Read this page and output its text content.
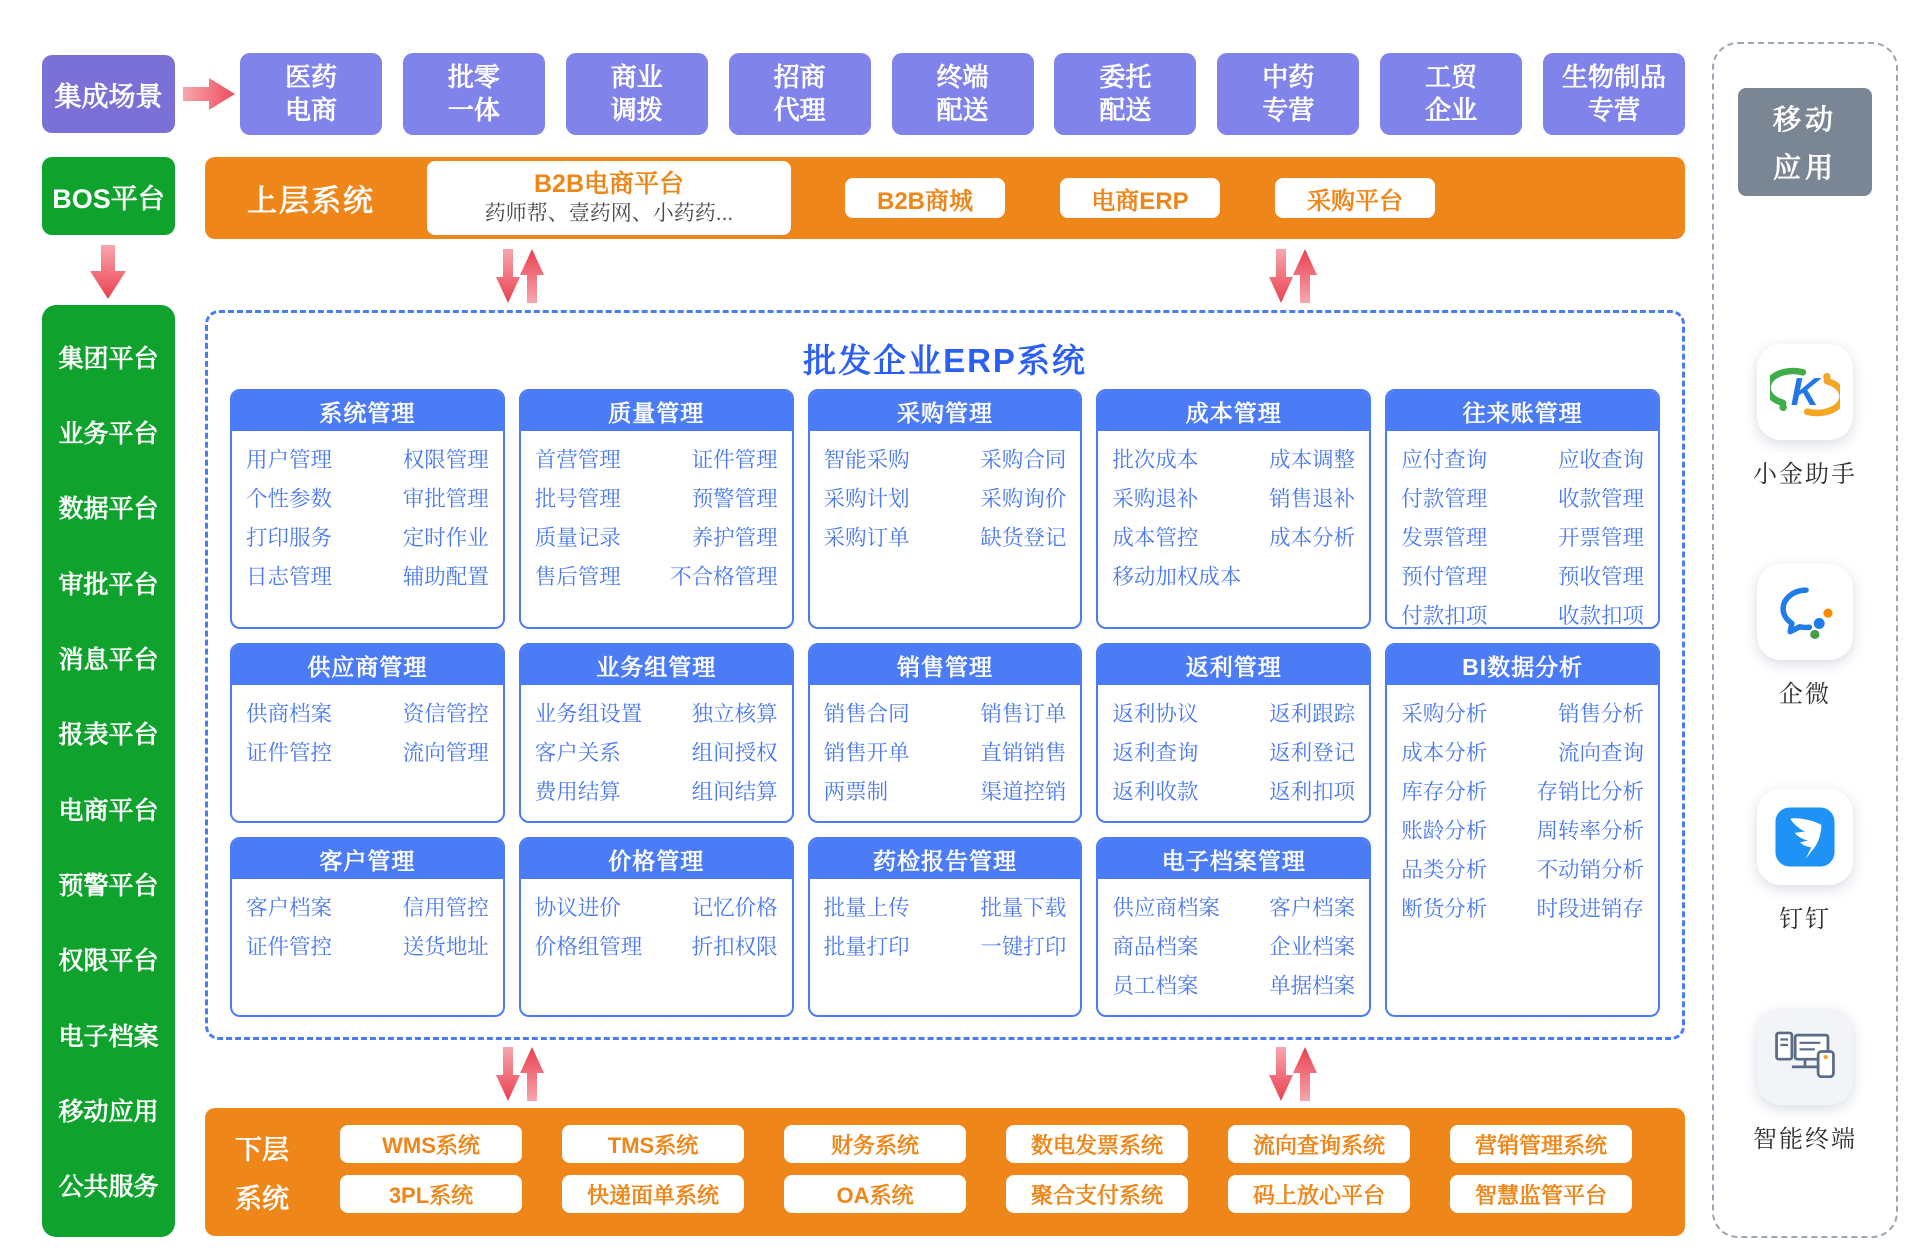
集成场景
医药
电商
批零
一体
商业
调拨
招商
代理
终端
配送
委托
配送
中药
专营
工贸
企业
生物制品
专营
上层系统
B2B电商平台
药师帮、壹药网、小药药...	B2B商城	电商ERP	采购平台
BOS平台
集团平台
业务平台
数据平台
审批平台
消息平台
报表平台
电商平台
预警平台
权限平台
电子档案
移动应用
公共服务
批发企业ERP系统
系统管理
用户管理	权限管理
个性参数	审批管理
打印服务	定时作业
日志管理	辅助配置
质量管理
首营管理	证件管理
批号管理	预警管理
质量记录	养护管理
售后管理	不合格管理
采购管理
智能采购	采购合同
采购计划	采购询价
采购订单	缺货登记
成本管理
批次成本	成本调整
采购退补	销售退补
成本管控	成本分析
移动加权成本
往来账管理
应付查询	应收查询
付款管理	收款管理
发票管理	开票管理
预付管理	预收管理
付款扣项	收款扣项
供应商管理
供商档案	资信管控
证件管控	流向管理
业务组管理
业务组设置	独立核算
客户关系	组间授权
费用结算	组间结算
销售管理
销售合同	销售订单
销售开单	直销销售
两票制	渠道控销
返利管理
返利协议	返利跟踪
返利查询	返利登记
返利收款	返利扣项
BI数据分析
采购分析	销售分析
成本分析	流向查询
库存分析	存销比分析
账龄分析	周转率分析
品类分析	不动销分析
断货分析	时段进销存
客户管理
客户档案	信用管控
证件管控	送货地址
价格管理
协议进价	记忆价格
价格组管理	折扣权限
药检报告管理
批量上传	批量下载
批量打印	一键打印
电子档案管理
供应商档案	客户档案
商品档案	企业档案
员工档案	单据档案
下层
系统
WMS系统	TMS系统	财务系统	数电发票系统	流向查询系统	营销管理系统
3PL系统	快递面单系统	OA系统	聚合支付系统	码上放心平台	智慧监管平台
移动
应用
K
小金助手
企微
钉钉
智能终端
